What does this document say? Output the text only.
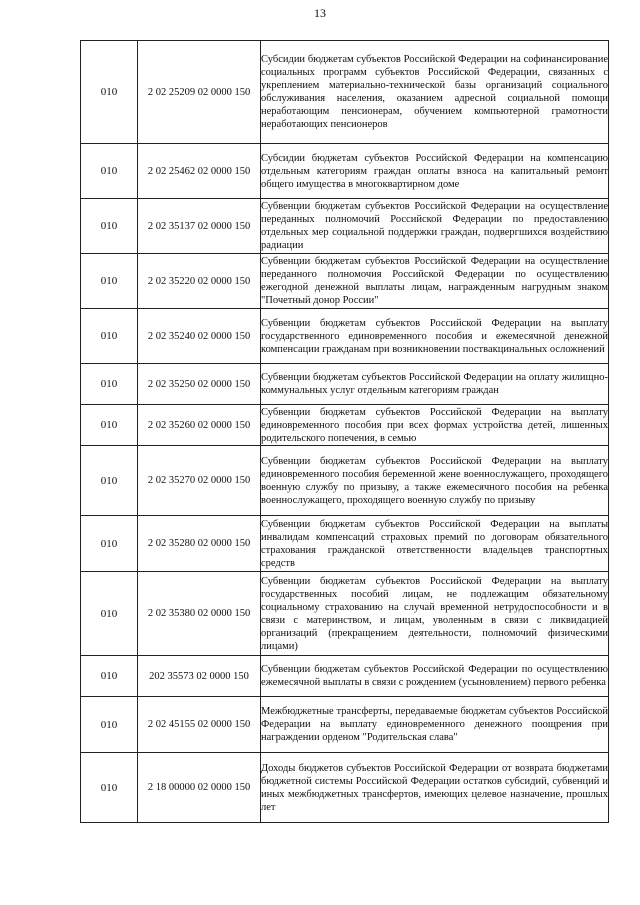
13
010	2 02 25209 02 0000 150	Субсидии бюджетам субъектов Российской Федерации на софинансирование социальных программ субъектов Российской Федерации, связанных с укреплением материально-технической базы организаций социального обслуживания населения, оказанием адресной социальной помощи неработающим пенсионерам, обучением компьютерной грамотности неработающих пенсионеров
010	2 02 25462 02 0000 150	Субсидии бюджетам субъектов Российской Федерации на компенсацию отдельным категориям граждан оплаты взноса на капитальный ремонт общего имущества в многоквартирном доме
010	2 02 35137 02 0000 150	Субвенции бюджетам субъектов Российской Федерации на осуществление переданных полномочий Российской Федерации по предоставлению отдельных мер социальной поддержки граждан, подвергшихся воздействию радиации
010	2 02 35220 02 0000 150	Субвенции бюджетам субъектов Российской Федерации на осуществление переданного полномочия Российской Федерации по осуществлению ежегодной денежной выплаты лицам, награжденным нагрудным знаком "Почетный донор России"
010	2 02 35240 02 0000 150	Субвенции бюджетам субъектов Российской Федерации на выплату государственного единовременного пособия и ежемесячной денежной компенсации гражданам при возникновении поствакцинальных осложнений
010	2 02 35250 02 0000 150	Субвенции бюджетам субъектов Российской Федерации на оплату жилищно-коммунальных услуг отдельным категориям граждан
010	2 02 35260 02 0000 150	Субвенции бюджетам субъектов Российской Федерации на выплату единовременного пособия при всех формах устройства детей, лишенных родительского попечения, в семью
010	2 02 35270 02 0000 150	Субвенции бюджетам субъектов Российской Федерации на выплату единовременного пособия беременной жене военнослужащего, проходящего военную службу по призыву, а также ежемесячного пособия на ребенка военнослужащего, проходящего военную службу по призыву
010	2 02 35280 02 0000 150	Субвенции бюджетам субъектов Российской Федерации на выплаты инвалидам компенсаций страховых премий по договорам обязательного страхования гражданской ответственности владельцев транспортных средств
010	2 02 35380 02 0000 150	Субвенции бюджетам субъектов Российской Федерации на выплату государственных пособий лицам, не подлежащим обязательному социальному страхованию на случай временной нетрудоспособности и в связи с материнством, и лицам, уволенным в связи с ликвидацией организаций (прекращением деятельности, полномочий физическими лицами)
010	202 35573 02 0000 150	Субвенции бюджетам субъектов Российской Федерации по осуществлению ежемесячной выплаты в связи с рождением (усыновлением) первого ребенка
010	2 02 45155 02 0000 150	Межбюджетные трансферты, передаваемые бюджетам субъектов Российской Федерации на выплату единовременного денежного поощрения при награждении орденом "Родительская слава"
010	2 18 00000 02 0000 150	Доходы бюджетов субъектов Российской Федерации от возврата бюджетами бюджетной системы Российской Федерации остатков субсидий, субвенций и иных межбюджетных трансфертов, имеющих целевое назначение, прошлых лет
